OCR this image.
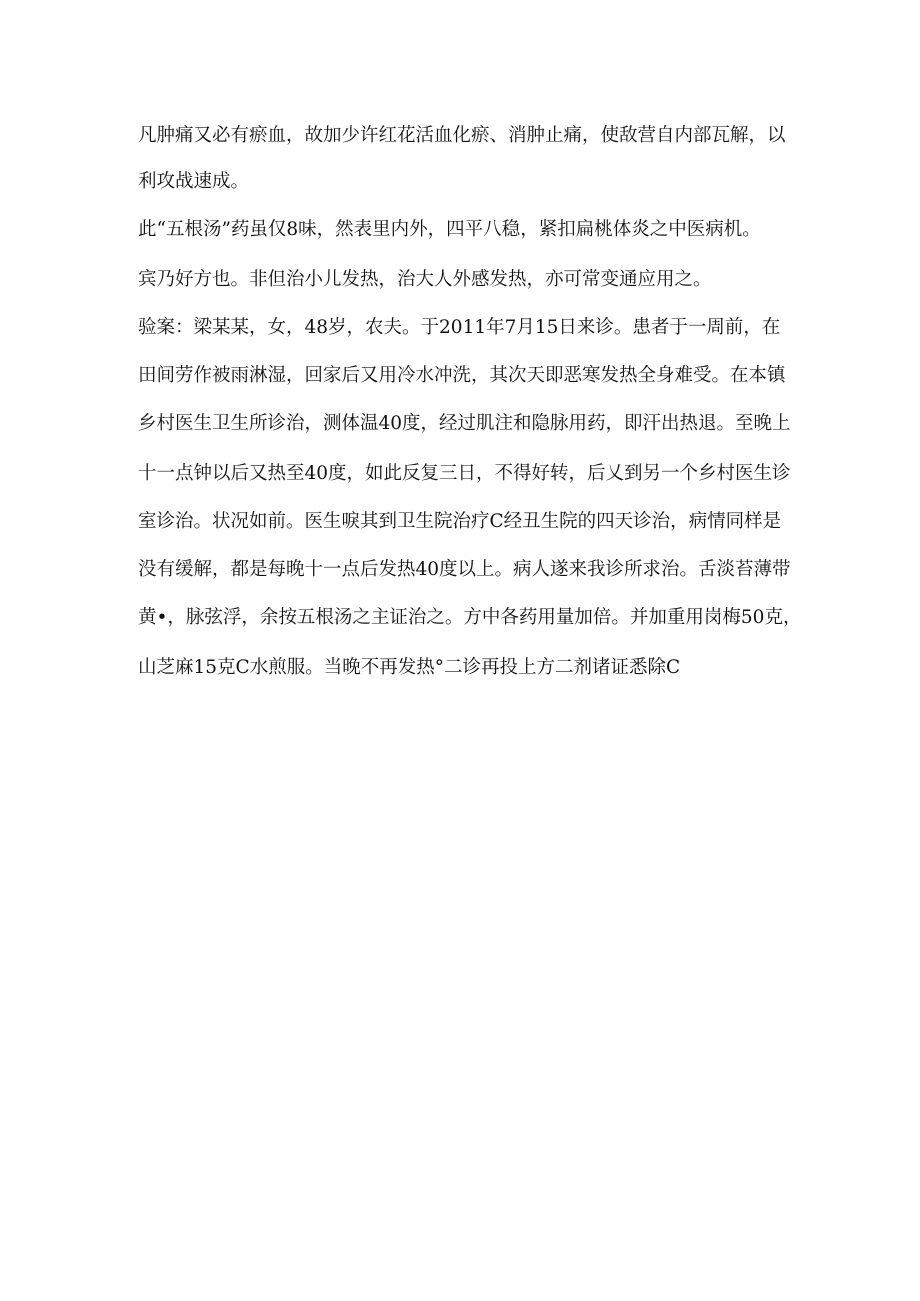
凡肿痛又必有瘀血，故加少许红花活血化瘀、消肿止痛，使敌营自内部瓦解，以
利攻战速成。
此“五根汤”药虽仅8味，然表里内外，四平八稳，紧扣扁桃体炎之中医病机。
宾乃好方也。非但治小儿发热，治大人外感发热，亦可常变通应用之。
验案：梁某某，女，48岁，农夫。于2011年7月15日来诊。患者于一周前，在
田间劳作被雨淋湿，回家后又用冷水冲洗，其次天即恶寒发热全身难受。在本镇
乡村医生卫生所诊治，测体温40度，经过肌注和隐脉用药，即汗出热退。至晚上
十一点钟以后又热至40度，如此反复三日，不得好转，后乂到另一个乡村医生诊
室诊治。状况如前。医生唳其到卫生院治疗C经丑生院的四天诊治，病情同样是
没有缓解，都是每晚十一点后发热40度以上。病人遂来我诊所求治。舌淡苔薄带
黄•，脉弦浮，余按五根汤之主证治之。方中各药用量加倍。并加重用岗梅50克，
山芝麻15克C水煎服。当晚不再发热°二诊再投上方二剂诸证悉除C
